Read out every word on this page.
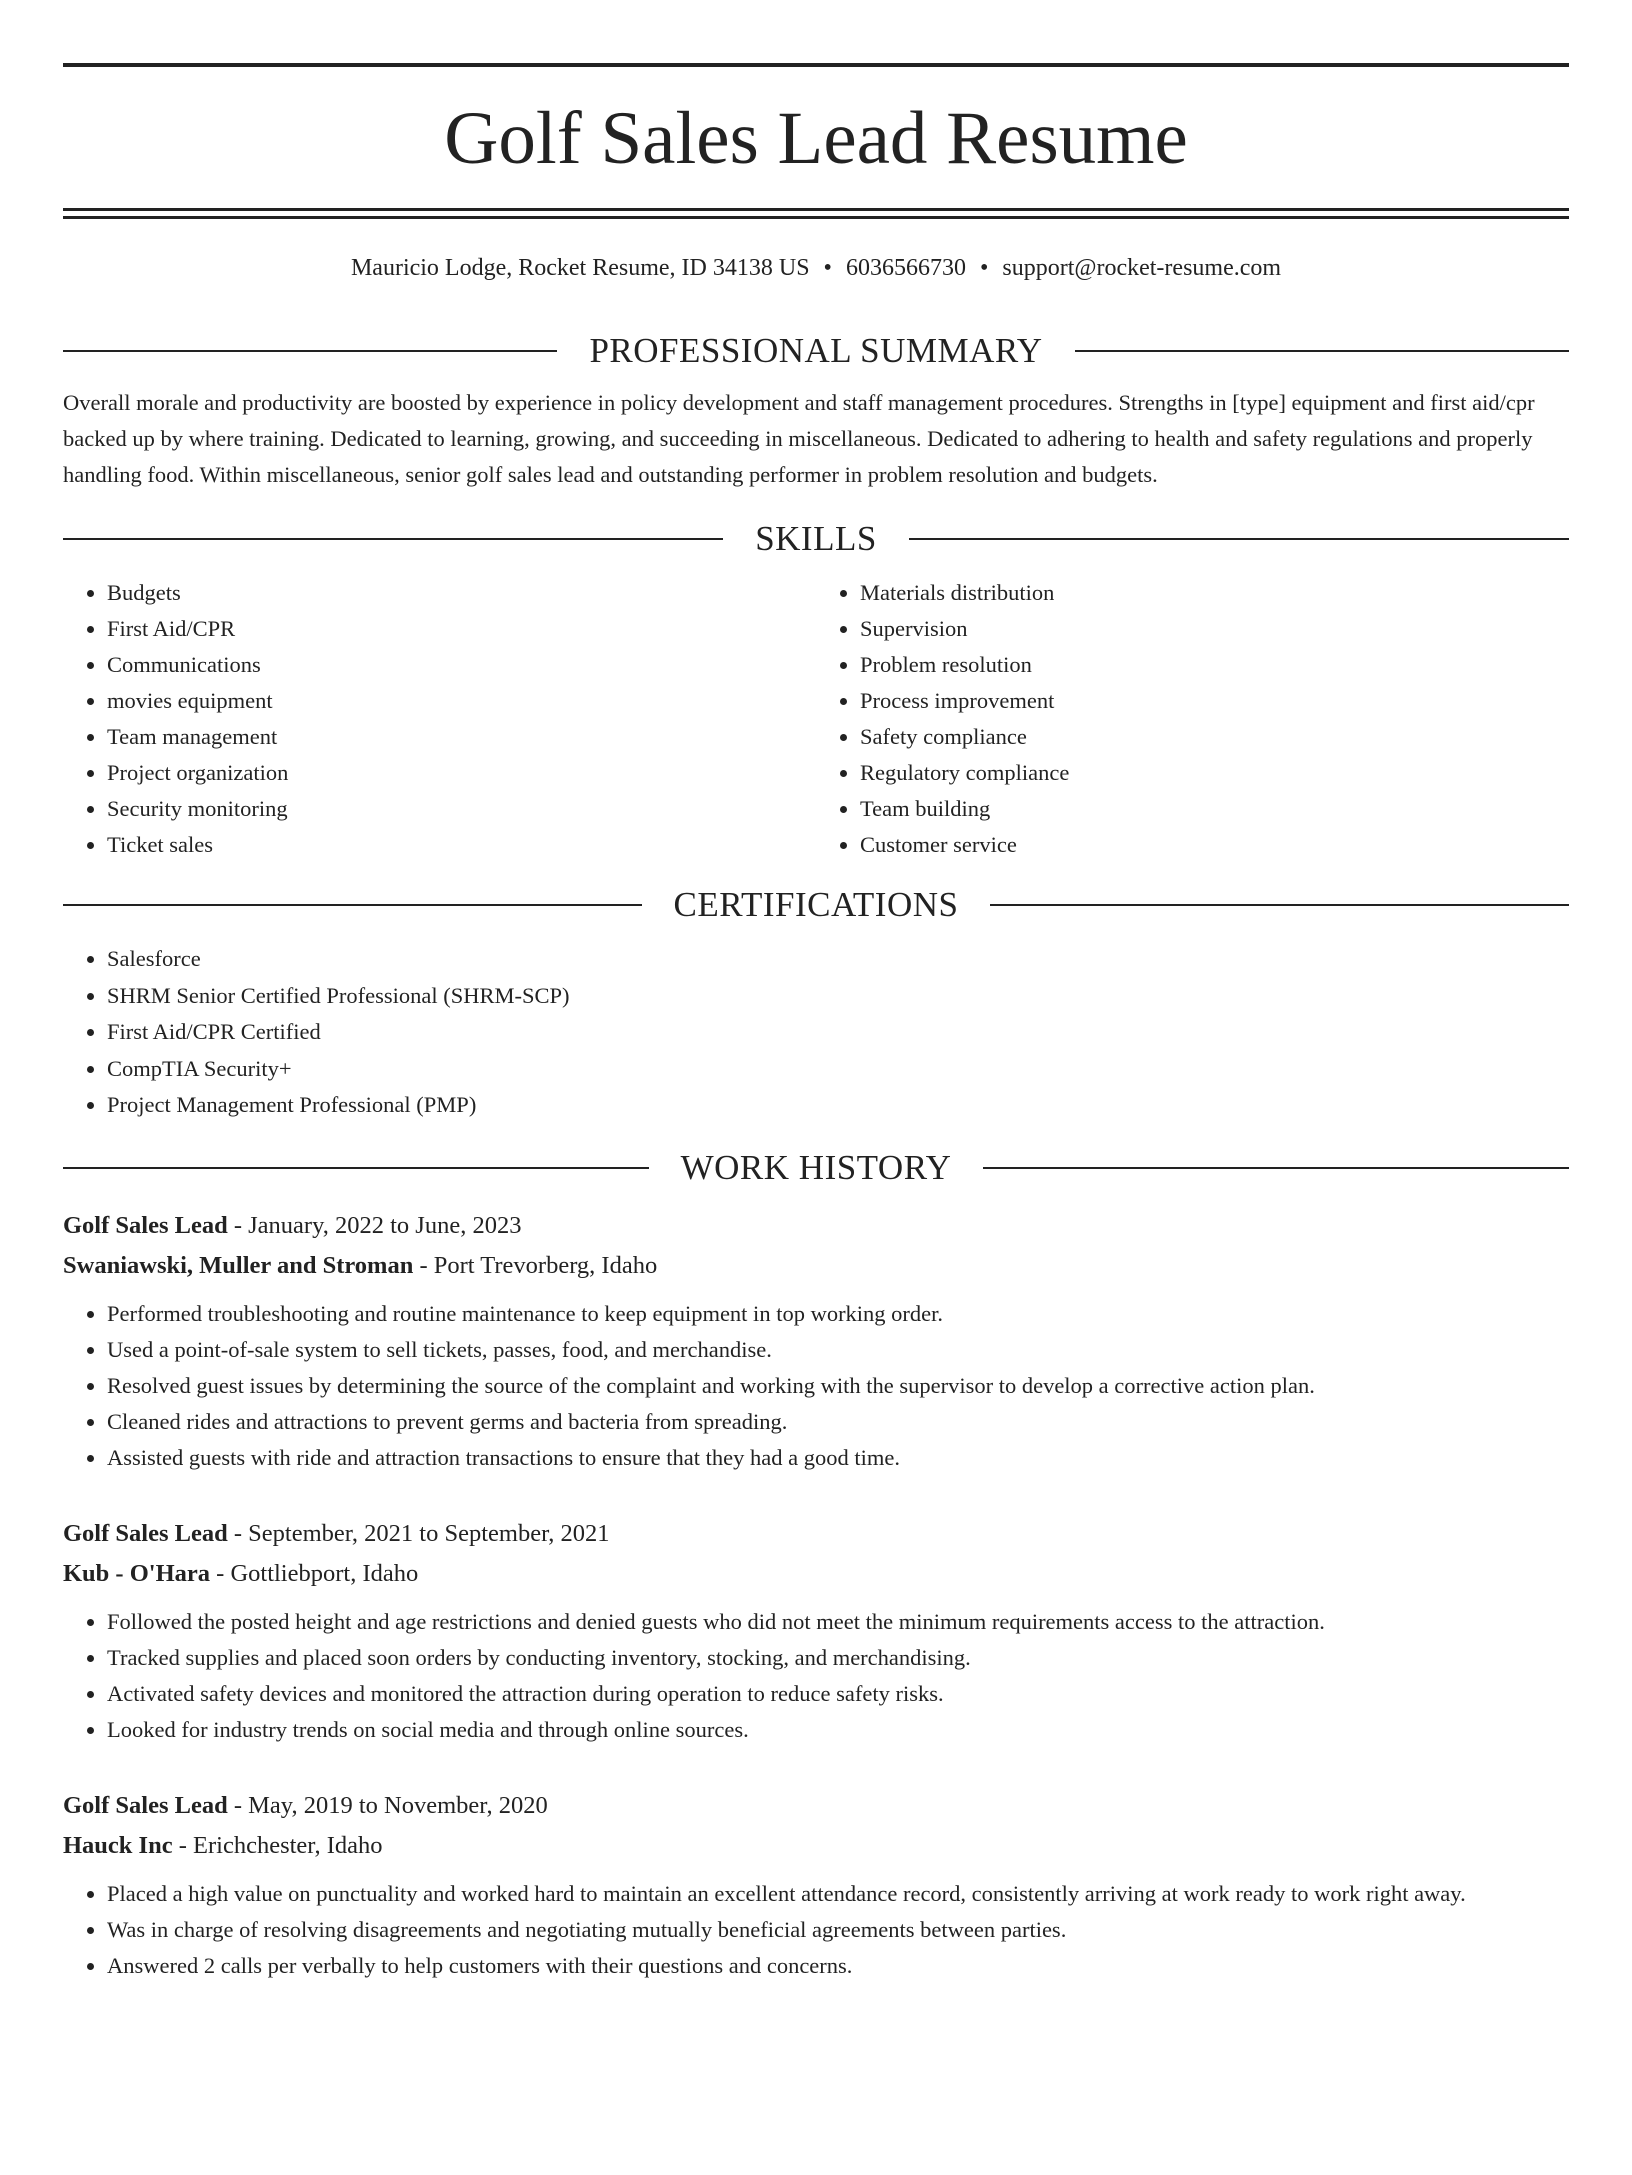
Golf Sales Lead Resume
Mauricio Lodge, Rocket Resume, ID 34138 US • 6036566730 • support@rocket-resume.com
PROFESSIONAL SUMMARY

Overall morale and productivity are boosted by experience in policy development and staff management procedures. Strengths in [type] equipment and first aid/cpr backed up by where training. Dedicated to learning, growing, and succeeding in miscellaneous. Dedicated to adhering to health and safety regulations and properly handling food. Within miscellaneous, senior golf sales lead and outstanding performer in problem resolution and budgets.

SKILLS
• Budgets
• First Aid/CPR
• Communications
• movies equipment
• Team management
• Project organization
• Security monitoring
• Ticket sales
• Materials distribution
• Supervision
• Problem resolution
• Process improvement
• Safety compliance
• Regulatory compliance
• Team building
• Customer service
CERTIFICATIONS
• Salesforce
• SHRM Senior Certified Professional (SHRM-SCP)
• First Aid/CPR Certified
• CompTIA Security+
• Project Management Professional (PMP)
WORK HISTORY
Golf Sales Lead - January, 2022 to June, 2023
Swaniawski, Muller and Stroman - Port Trevorberg, Idaho
• Performed troubleshooting and routine maintenance to keep equipment in top working order.
• Used a point-of-sale system to sell tickets, passes, food, and merchandise.
• Resolved guest issues by determining the source of the complaint and working with the supervisor to develop a corrective action plan.
• Cleaned rides and attractions to prevent germs and bacteria from spreading.
• Assisted guests with ride and attraction transactions to ensure that they had a good time.
Golf Sales Lead - September, 2021 to September, 2021
Kub - O'Hara - Gottliebport, Idaho
• Followed the posted height and age restrictions and denied guests who did not meet the minimum requirements access to the attraction.
• Tracked supplies and placed soon orders by conducting inventory, stocking, and merchandising.
• Activated safety devices and monitored the attraction during operation to reduce safety risks.
• Looked for industry trends on social media and through online sources.
Golf Sales Lead - May, 2019 to November, 2020
Hauck Inc - Erichchester, Idaho
• Placed a high value on punctuality and worked hard to maintain an excellent attendance record, consistently arriving at work ready to work right away.
• Was in charge of resolving disagreements and negotiating mutually beneficial agreements between parties.
• Answered 2 calls per verbally to help customers with their questions and concerns.
